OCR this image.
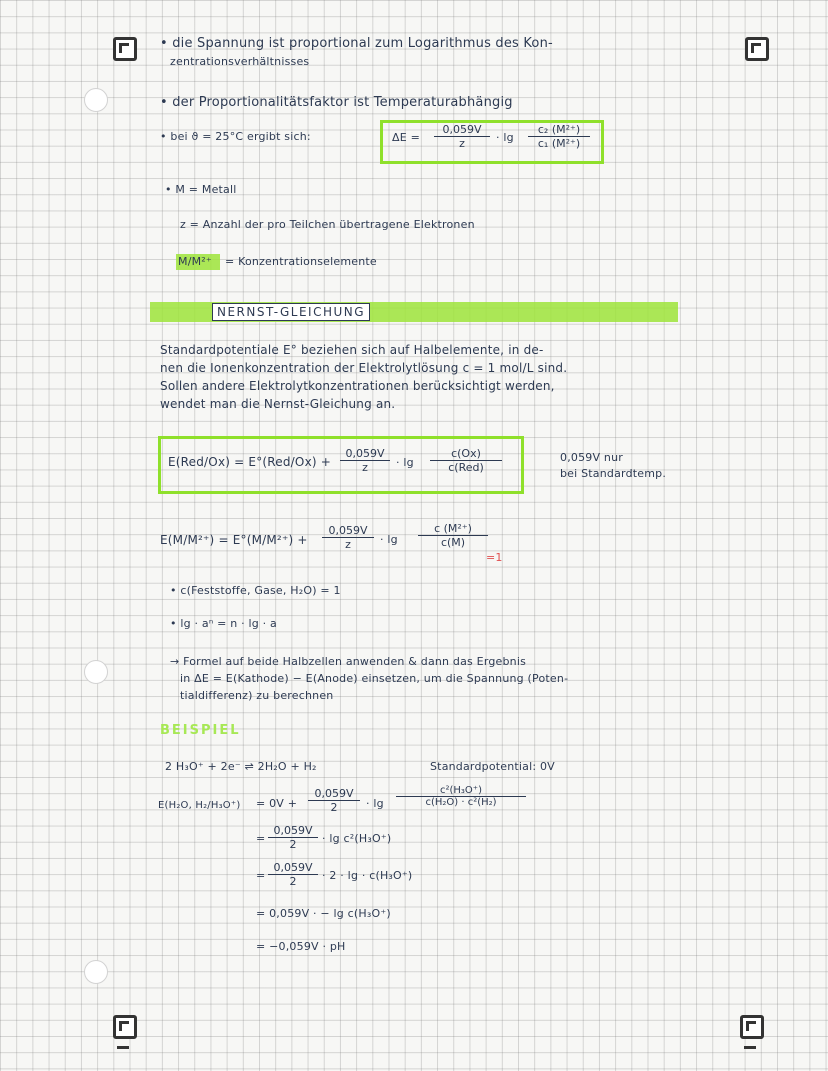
• die Spannung ist proportional zum Logarithmus des Kon-
zentrationsverhältnisses
• der Proportionalitätsfaktor ist Temperaturabhängig
• bei ϑ = 25°C ergibt sich:	$\Delta E = \frac{0,059V}{z} \cdot \lg \frac{\text{c₂ (M²⁺)}}{\text{c₁ (M²⁺)}}$
• M = Metall
z = Anzahl der pro Teilchen übertragene Elektronen
M/M²⁺ = Konzentrationselemente
NERNST-GLEICHUNG
Standardpotentiale E° beziehen sich auf Halbelemente, in de-
nen die Ionenkonzentration der Elektrolytlösung c = 1 mol/L sind.
Sollen andere Elektrolytkonzentrationen berücksichtigt werden,
wendet man die Nernst-Gleichung an.
$E(Red/Ox) = E^\circ(Red/Ox) + \frac{0,059V}{z} \cdot \lg$
c(Ox)
c(Red)
0,059V nur
bei Standardtemp.
$E(M/M^{2+}) = E^\circ(M/M^{2+}) + \frac{0,059V}{z} \cdot \lg \frac{\text{c (M²⁺)}}{c(M)}$
=1
• c(Feststoffe, Gase, H₂O) = 1
• lg · aⁿ = n · lg · a
→ Formel auf beide Halbzellen anwenden & dann das Ergebnis
in ΔE = E(Kathode) − E(Anode) einsetzen, um die Spannung (Poten-
tialdifferenz) zu berechnen
BEISPIEL
2 H₃O⁺ + 2e⁻ ⇌ 2H₂O + H₂	Standardpotential: 0V
E(H₂O, $H_2/H_3O^+) = 0V + \frac{0,059V}{2} \cdot \lg \frac{\text{c²(H₃O⁺)}}{\text{c(H₂O) · c²(H₂)}}$
= $\frac{0,059V}{2} \cdot \lg c^2(H_3O^+)$
= $\frac{0,059V}{2} \cdot 2 \cdot \lg \cdot c(H_3O^+)$
= 0,059V · − lg c(H₃O⁺)
= −0,059V · pH
